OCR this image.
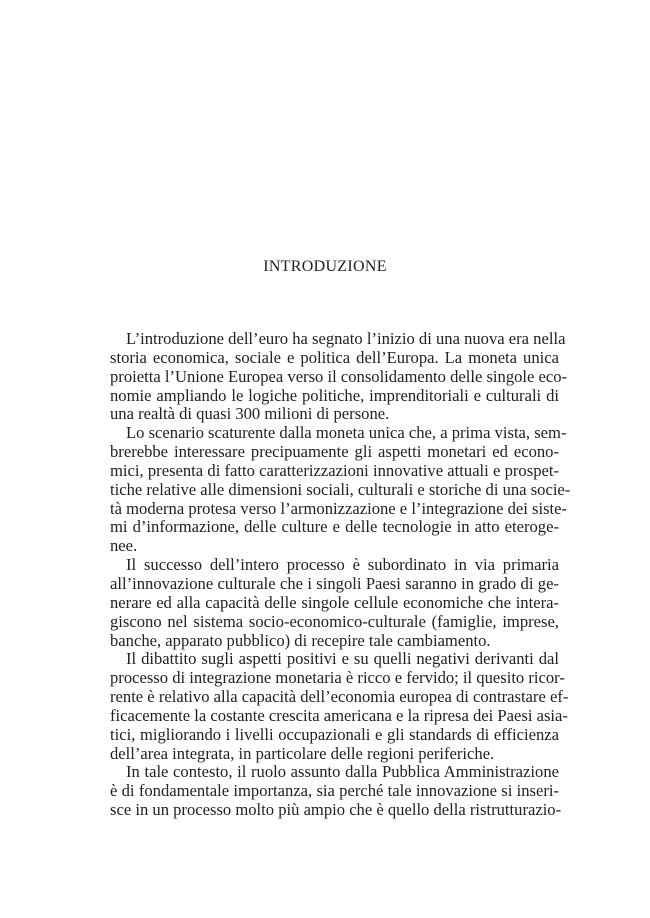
INTRODUZIONE
L’introduzione dell’euro ha segnato l’inizio di una nuova era nella
storia economica, sociale e politica dell’Europa. La moneta unica
proietta l’Unione Europea verso il consolidamento delle singole eco-
nomie ampliando le logiche politiche, imprenditoriali e culturali di
una realtà di quasi 300 milioni di persone.
Lo scenario scaturente dalla moneta unica che, a prima vista, sem-
brerebbe interessare precipuamente gli aspetti monetari ed econo-
mici, presenta di fatto caratterizzazioni innovative attuali e prospet-
tiche relative alle dimensioni sociali, culturali e storiche di una socie-
tà moderna protesa verso l’armonizzazione e l’integrazione dei siste-
mi d’informazione, delle culture e delle tecnologie in atto eteroge-
nee.
Il successo dell’intero processo è subordinato in via primaria
all’innovazione culturale che i singoli Paesi saranno in grado di ge-
nerare ed alla capacità delle singole cellule economiche che intera-
giscono nel sistema socio-economico-culturale (famiglie, imprese,
banche, apparato pubblico) di recepire tale cambiamento.
Il dibattito sugli aspetti positivi e su quelli negativi derivanti dal
processo di integrazione monetaria è ricco e fervido; il quesito ricor-
rente è relativo alla capacità dell’economia europea di contrastare ef-
ficacemente la costante crescita americana e la ripresa dei Paesi asia-
tici, migliorando i livelli occupazionali e gli standards di efficienza
dell’area integrata, in particolare delle regioni periferiche.
In tale contesto, il ruolo assunto dalla Pubblica Amministrazione
è di fondamentale importanza, sia perché tale innovazione si inseri-
sce in un processo molto più ampio che è quello della ristrutturazio-
